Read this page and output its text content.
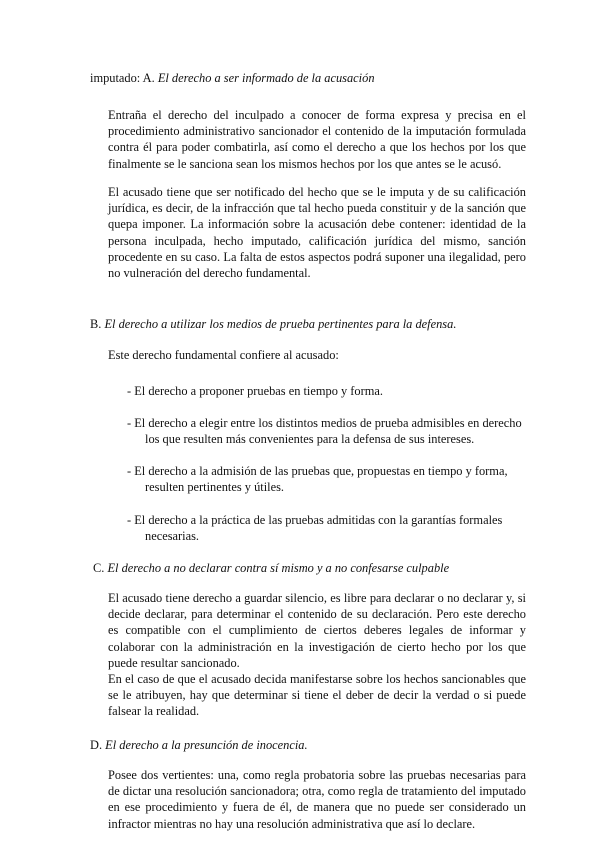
imputado: A. El derecho a ser informado de la acusación

Entraña el derecho del inculpado a conocer de forma expresa y precisa en el procedimiento administrativo sancionador el contenido de la imputación formulada contra él para poder combatirla, así como el derecho a que los hechos por los que finalmente se le sanciona sean los mismos hechos por los que antes se le acusó.

El acusado tiene que ser notificado del hecho que se le imputa y de su calificación jurídica, es decir, de la infracción que tal hecho pueda constituir y de la sanción que quepa imponer. La información sobre la acusación debe contener: identidad de la persona inculpada, hecho imputado, calificación jurídica del mismo, sanción procedente en su caso. La falta de estos aspectos podrá suponer una ilegalidad, pero no vulneración del derecho fundamental.

B. El derecho a utilizar los medios de prueba pertinentes para la defensa.
Este derecho fundamental confiere al acusado:
- El derecho a proponer pruebas en tiempo y forma.
- El derecho a elegir entre los distintos medios de prueba admisibles en derecho
los que resulten más convenientes para la defensa de sus intereses.
- El derecho a la admisión de las pruebas que, propuestas en tiempo y forma,
resulten pertinentes y útiles.
- El derecho a la práctica de las pruebas admitidas con la garantías formales
necesarias.
C. El derecho a no declarar contra sí mismo y a no confesarse culpable

El acusado tiene derecho a guardar silencio, es libre para declarar o no declarar y, si decide declarar, para determinar el contenido de su declaración. Pero este derecho es compatible con el cumplimiento de ciertos deberes legales de informar y colaborar con la administración en la investigación de cierto hecho por los que puede resultar sancionado.

En el caso de que el acusado decida manifestarse sobre los hechos sancionables que se le atribuyen, hay que determinar si tiene el deber de decir la verdad o si puede falsear la realidad.

D. El derecho a la presunción de inocencia.

Posee dos vertientes: una, como regla probatoria sobre las pruebas necesarias para de dictar una resolución sancionadora; otra, como regla de tratamiento del imputado en ese procedimiento y fuera de él, de manera que no puede ser considerado un infractor mientras no hay una resolución administrativa que así lo declare.
